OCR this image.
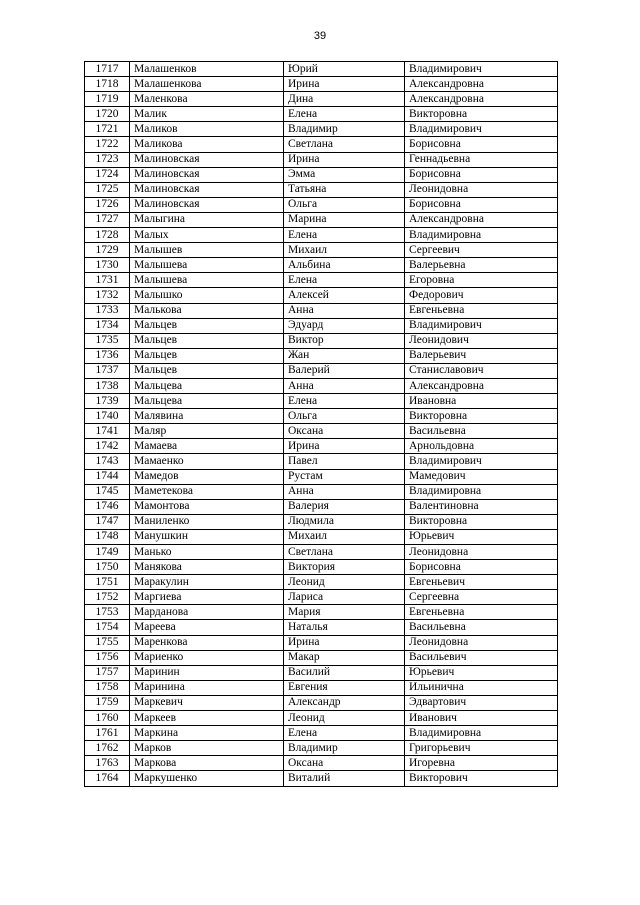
39
1717	Малашенков	Юрий	Владимирович
1718	Малашенкова	Ирина	Александровна
1719	Маленкова	Дина	Александровна
1720	Малик	Елена	Викторовна
1721	Маликов	Владимир	Владимирович
1722	Маликова	Светлана	Борисовна
1723	Малиновская	Ирина	Геннадьевна
1724	Малиновская	Эмма	Борисовна
1725	Малиновская	Татьяна	Леонидовна
1726	Малиновская	Ольга	Борисовна
1727	Малыгина	Марина	Александровна
1728	Малых	Елена	Владимировна
1729	Малышев	Михаил	Сергеевич
1730	Малышева	Альбина	Валерьевна
1731	Малышева	Елена	Егоровна
1732	Малышко	Алексей	Федорович
1733	Малькова	Анна	Евгеньевна
1734	Мальцев	Эдуард	Владимирович
1735	Мальцев	Виктор	Леонидович
1736	Мальцев	Жан	Валерьевич
1737	Мальцев	Валерий	Станиславович
1738	Мальцева	Анна	Александровна
1739	Мальцева	Елена	Ивановна
1740	Малявина	Ольга	Викторовна
1741	Маляр	Оксана	Васильевна
1742	Мамаева	Ирина	Арнольдовна
1743	Мамаенко	Павел	Владимирович
1744	Мамедов	Рустам	Мамедович
1745	Маметекова	Анна	Владимировна
1746	Мамонтова	Валерия	Валентиновна
1747	Маниленко	Людмила	Викторовна
1748	Манушкин	Михаил	Юрьевич
1749	Манько	Светлана	Леонидовна
1750	Манякова	Виктория	Борисовна
1751	Маракулин	Леонид	Евгеньевич
1752	Маргиева	Лариса	Сергеевна
1753	Марданова	Мария	Евгеньевна
1754	Мареева	Наталья	Васильевна
1755	Маренкова	Ирина	Леонидовна
1756	Мариенко	Макар	Васильевич
1757	Маринин	Василий	Юрьевич
1758	Маринина	Евгения	Ильинична
1759	Маркевич	Александр	Эдвартович
1760	Маркеев	Леонид	Иванович
1761	Маркина	Елена	Владимировна
1762	Марков	Владимир	Григорьевич
1763	Маркова	Оксана	Игоревна
1764	Маркушенко	Виталий	Викторович
